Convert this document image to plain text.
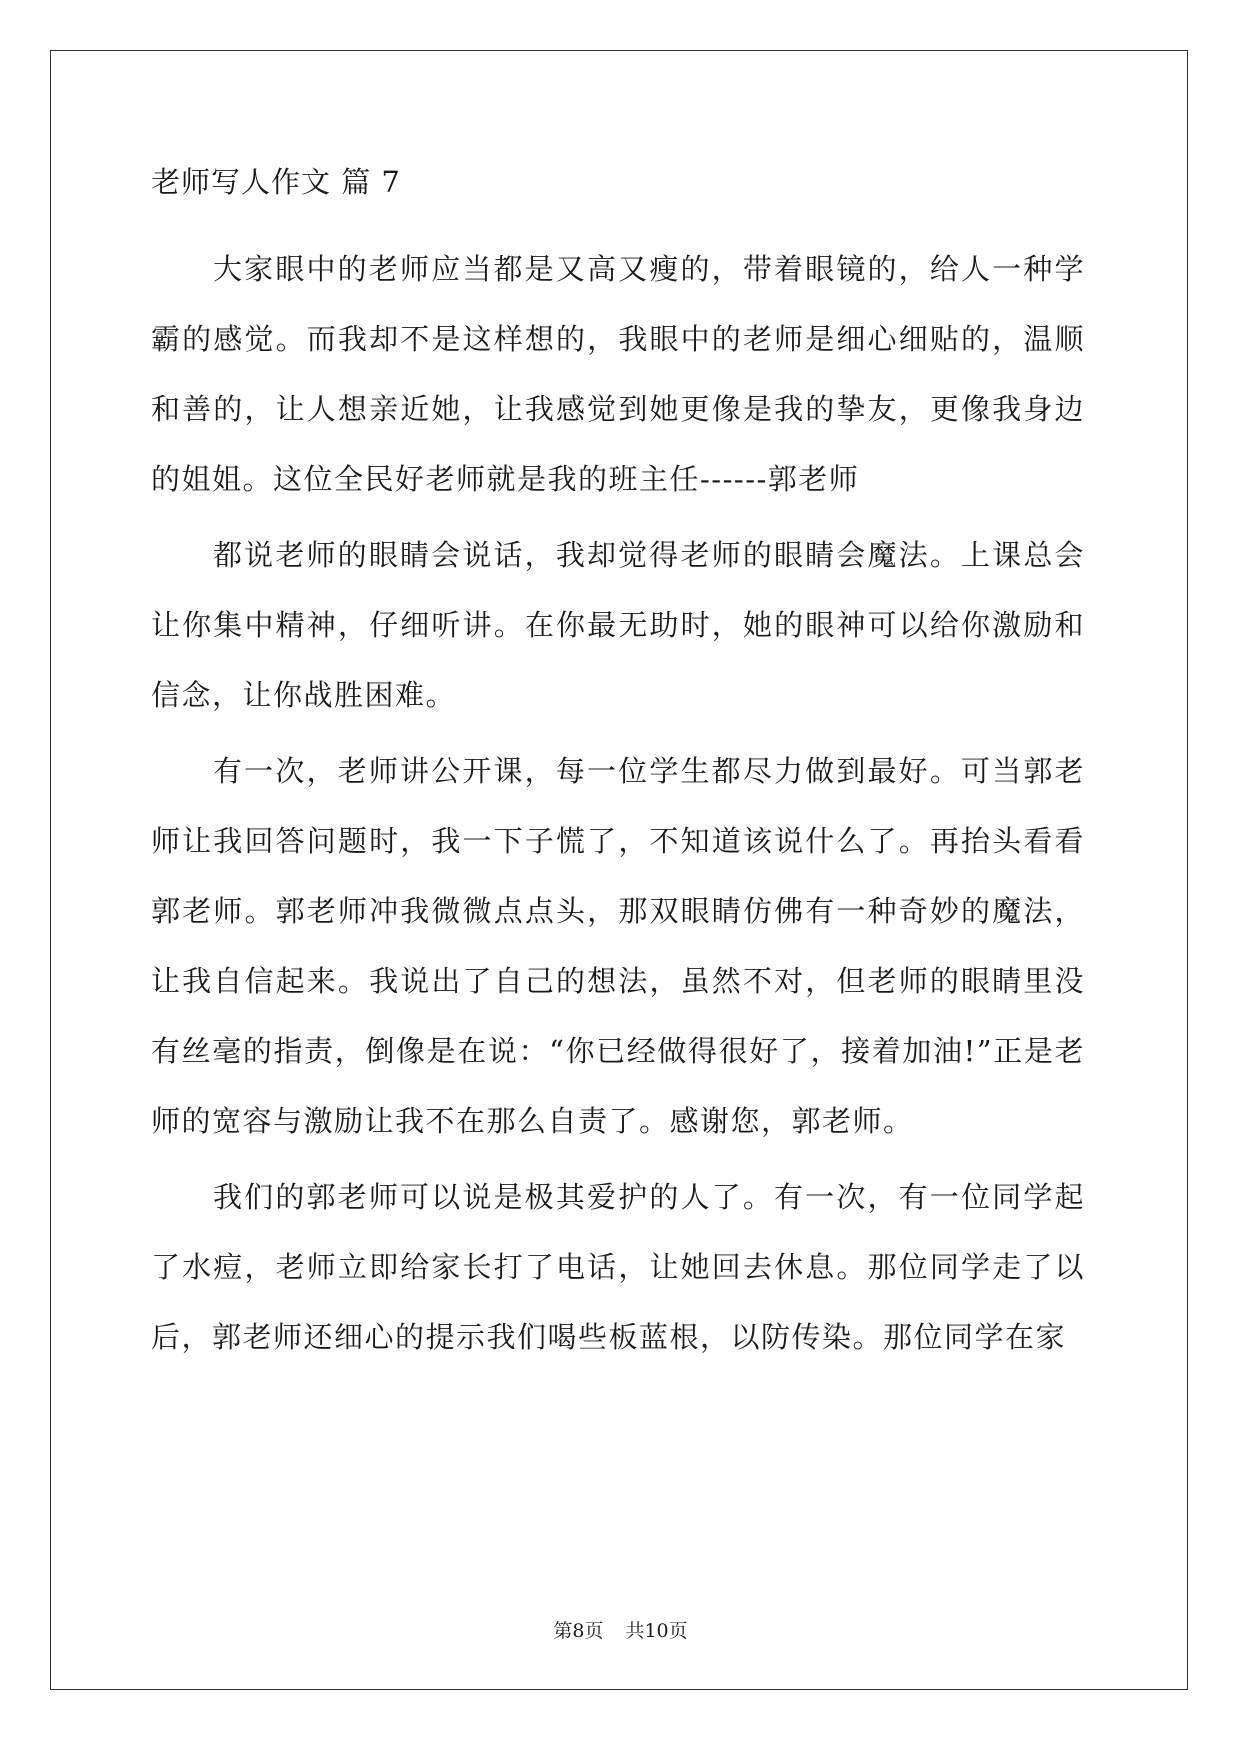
老师写人作文 篇 7

大家眼中的老师应当都是又高又瘦的，带着眼镜的，给人一种学霸的感觉。而我却不是这样想的，我眼中的老师是细心细贴的，温顺和善的，让人想亲近她，让我感觉到她更像是我的挚友，更像我身边的姐姐。这位全民好老师就是我的班主任------郭老师

都说老师的眼睛会说话，我却觉得老师的眼睛会魔法。上课总会让你集中精神，仔细听讲。在你最无助时，她的眼神可以给你激励和信念，让你战胜困难。

有一次，老师讲公开课，每一位学生都尽力做到最好。可当郭老师让我回答问题时，我一下子慌了，不知道该说什么了。再抬头看看郭老师。郭老师冲我微微点点头，那双眼睛仿佛有一种奇妙的魔法，让我自信起来。我说出了自己的想法，虽然不对，但老师的眼睛里没有丝毫的指责，倒像是在说：“你已经做得很好了，接着加油!”正是老师的宽容与激励让我不在那么自责了。感谢您，郭老师。

我们的郭老师可以说是极其爱护的人了。有一次，有一位同学起了水痘，老师立即给家长打了电话，让她回去休息。那位同学走了以后，郭老师还细心的提示我们喝些板蓝根，以防传染。那位同学在家

第8页 共10页
